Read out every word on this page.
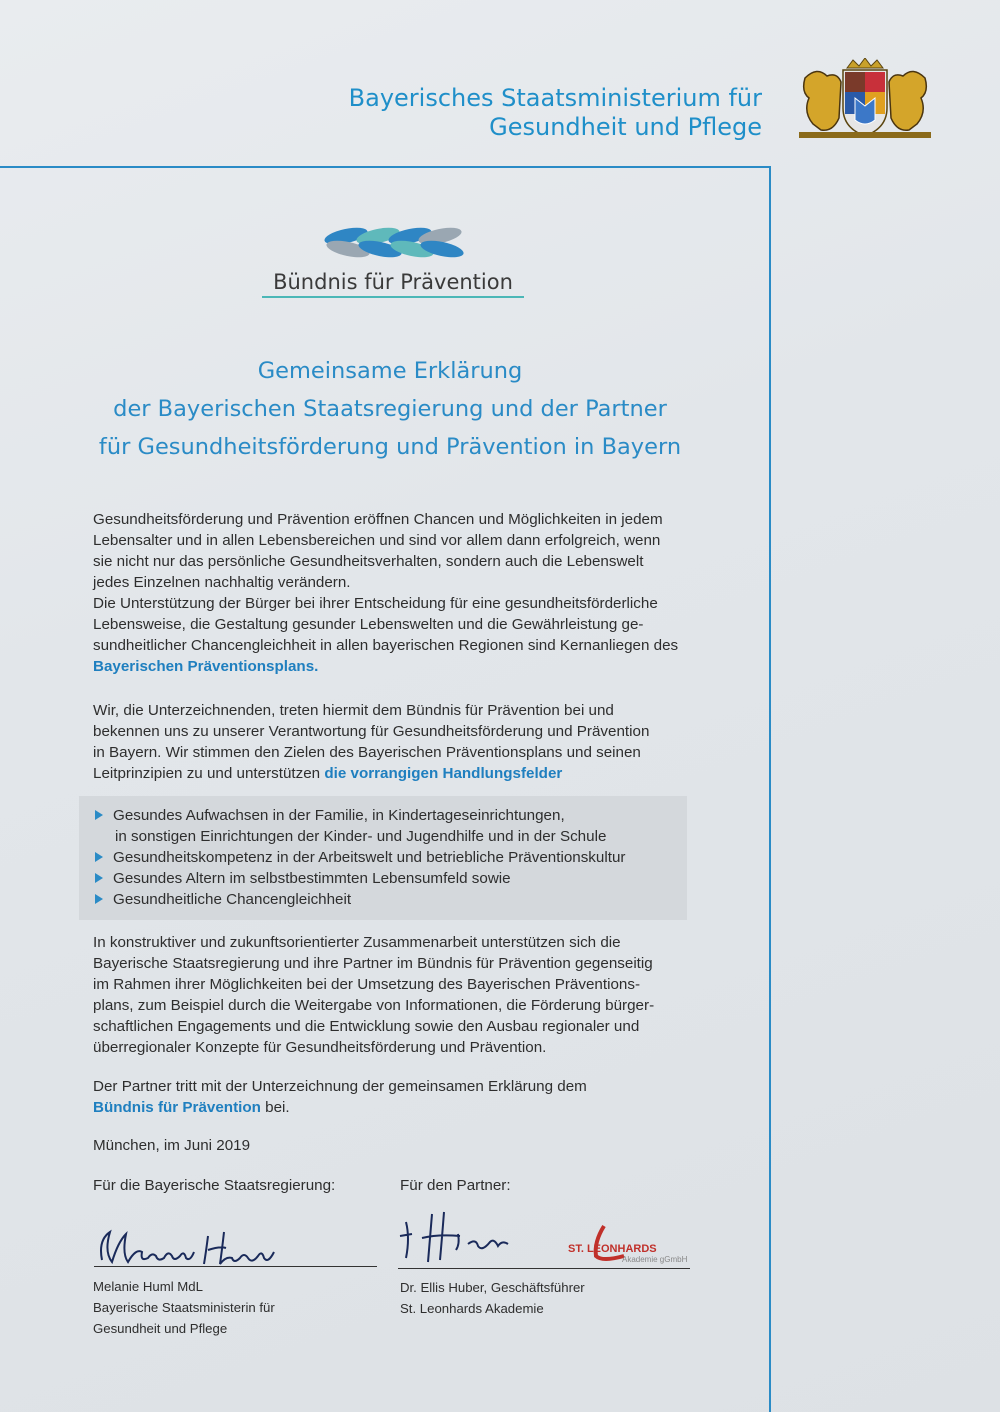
Bayerisches Staatsministerium für
Gesundheit und Pflege
Bündnis für Prävention
Gemeinsame Erklärung
der Bayerischen Staatsregierung und der Partner
für Gesundheitsförderung und Prävention in Bayern
Gesundheitsförderung und Prävention eröffnen Chancen und Möglichkeiten in jedem
Lebensalter und in allen Lebensbereichen und sind vor allem dann erfolgreich, wenn
sie nicht nur das persönliche Gesundheitsverhalten, sondern auch die Lebenswelt
jedes Einzelnen nachhaltig verändern.
Die Unterstützung der Bürger bei ihrer Entscheidung für eine gesundheitsförderliche
Lebensweise, die Gestaltung gesunder Lebenswelten und die Gewährleistung ge-
sundheitlicher Chancengleichheit in allen bayerischen Regionen sind Kernanliegen des
Bayerischen Präventionsplans.
Wir, die Unterzeichnenden, treten hiermit dem Bündnis für Prävention bei und
bekennen uns zu unserer Verantwortung für Gesundheitsförderung und Prävention
in Bayern. Wir stimmen den Zielen des Bayerischen Präventionsplans und seinen
Leitprinzipien zu und unterstützen die vorrangigen Handlungsfelder
Gesundes Aufwachsen in der Familie, in Kindertageseinrichtungen,
in sonstigen Einrichtungen der Kinder- und Jugendhilfe und in der Schule
Gesundheitskompetenz in der Arbeitswelt und betriebliche Präventionskultur
Gesundes Altern im selbstbestimmten Lebensumfeld sowie
Gesundheitliche Chancengleichheit
In konstruktiver und zukunftsorientierter Zusammenarbeit unterstützen sich die
Bayerische Staatsregierung und ihre Partner im Bündnis für Prävention gegenseitig
im Rahmen ihrer Möglichkeiten bei der Umsetzung des Bayerischen Präventions-
plans, zum Beispiel durch die Weitergabe von Informationen, die Förderung bürger-
schaftlichen Engagements und die Entwicklung sowie den Ausbau regionaler und
überregionaler Konzepte für Gesundheitsförderung und Prävention.
Der Partner tritt mit der Unterzeichnung der gemeinsamen Erklärung dem
Bündnis für Prävention bei.
München, im Juni 2019
Für die Bayerische Staatsregierung:	Für den Partner:
Melanie Huml MdL
Bayerische Staatsministerin für
Gesundheit und Pflege
ST. LEONHARDS
Akademie gGmbH
Dr. Ellis Huber, Geschäftsführer
St. Leonhards Akademie
